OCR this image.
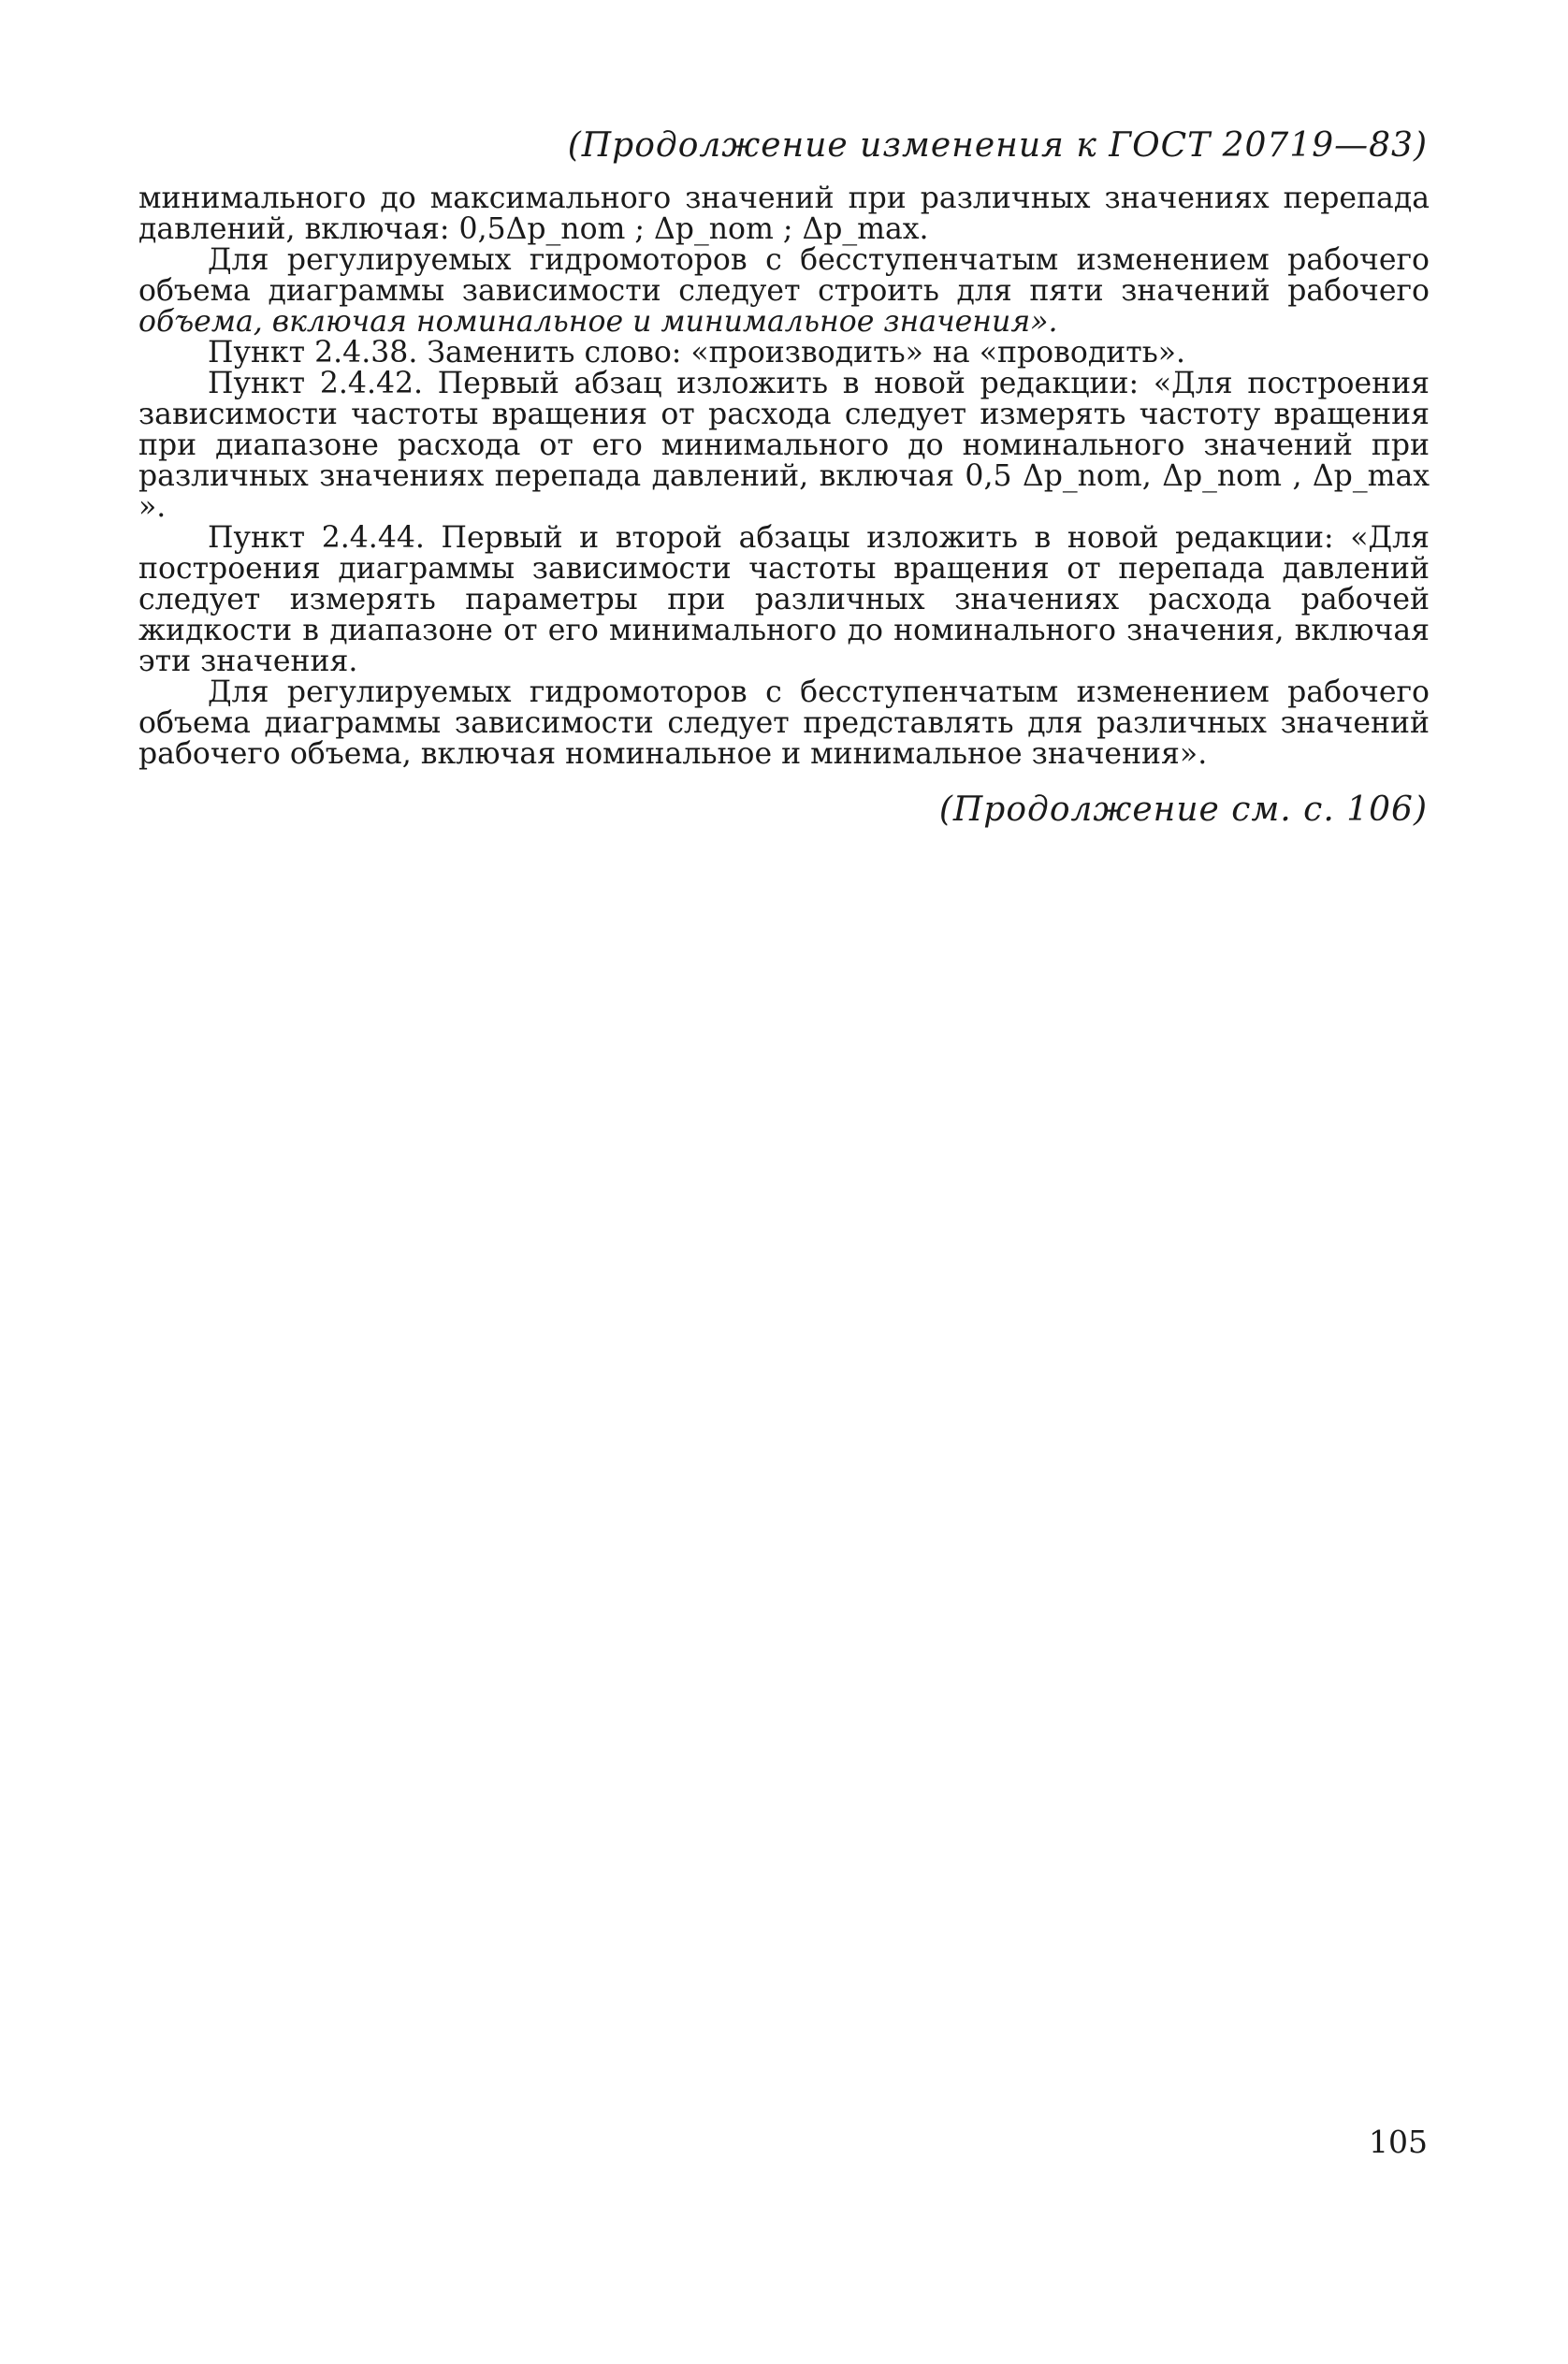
(Продолжение изменения к ГОСТ 20719—83)

минимального до максимального значений при различных значениях перепада давлений, включая: 0,5Δp_nom ; Δp_nom ; Δp_max.

Для регулируемых гидромоторов с бесступенчатым изменением рабочего объема диаграммы зависимости следует строить для пяти значений рабочего объема, включая номинальное и минимальное значения».

Пункт 2.4.38. Заменить слово: «производить» на «проводить».

Пункт 2.4.42. Первый абзац изложить в новой редакции: «Для построения зависимости частоты вращения от расхода следует измерять частоту вращения при диапазоне расхода от его минимального до номинального значений при различных значениях перепада давлений, включая 0,5 Δp_nom, Δp_nom , Δp_max ».

Пункт 2.4.44. Первый и второй абзацы изложить в новой редакции: «Для построения диаграммы зависимости частоты вращения от перепада давлений следует измерять параметры при различных значениях расхода рабочей жидкости в диапазоне от его минимального до номинального значения, включая эти значения.

Для регулируемых гидромоторов с бесступенчатым изменением рабочего объема диаграммы зависимости следует представлять для различных значений рабочего объема, включая номинальное и минимальное значения».

(Продолжение см. с. 106)
105
